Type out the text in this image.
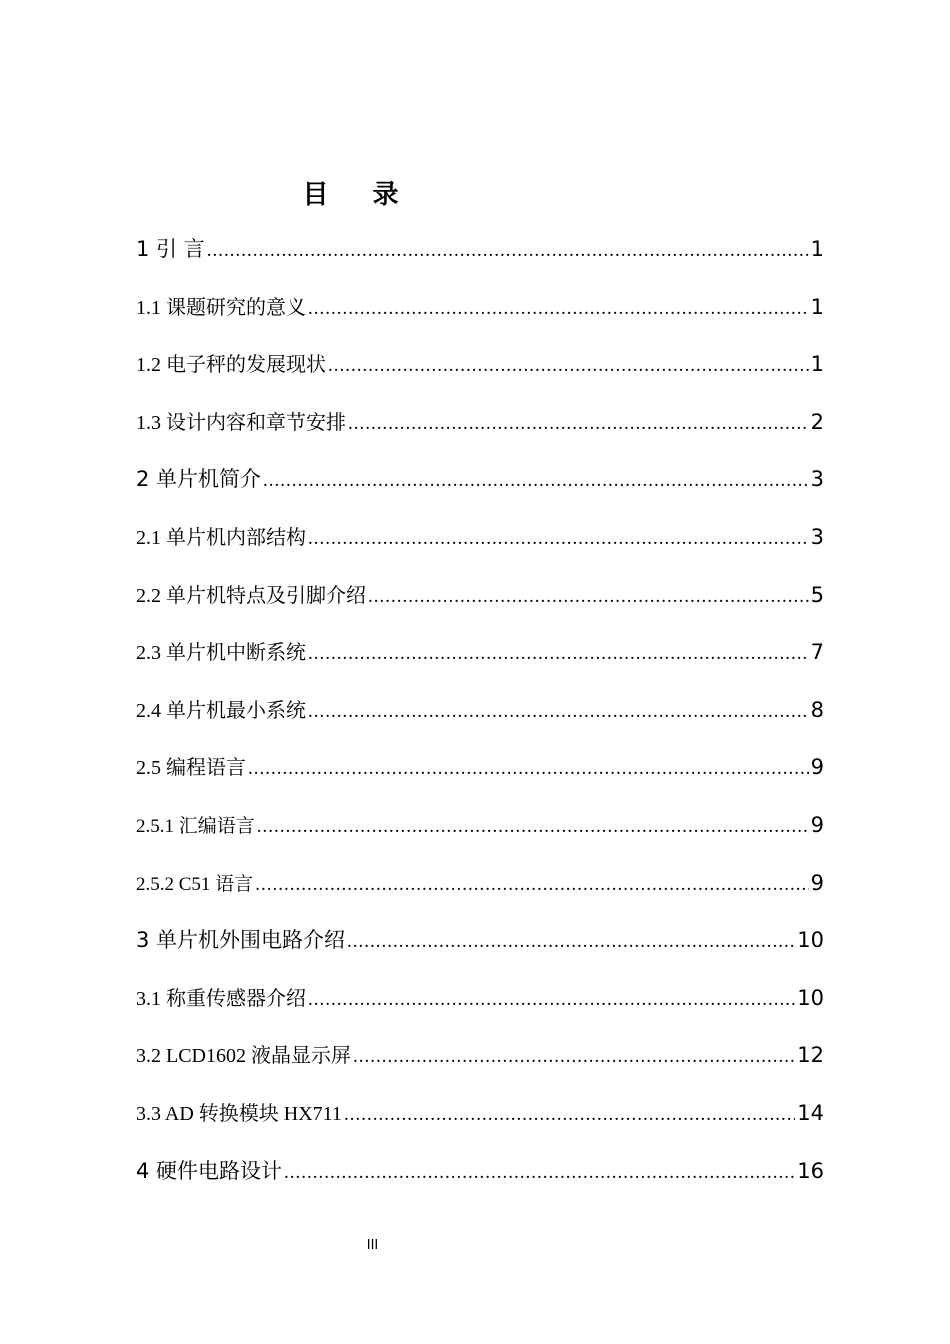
目录
1 引 言 .....	1
1.1 课题研究的意义 .....	1
1.2 电子秤的发展现状 .....	1
1.3 设计内容和章节安排 .....	2
2 单片机简介 .....	3
2.1 单片机内部结构 .....	3
2.2 单片机特点及引脚介绍 .....	5
2.3 单片机中断系统 .....	7
2.4 单片机最小系统 .....	8
2.5 编程语言 .....	9
2.5.1 汇编语言 .....	9
2.5.2 C51 语言 .....	9
3 单片机外围电路介绍 .....	10
3.1 称重传感器介绍 .....	10
3.2 LCD1602 液晶显示屏 .....	12
3.3 AD 转换模块 HX711 .....	14
4 硬件电路设计 .....	16
III
